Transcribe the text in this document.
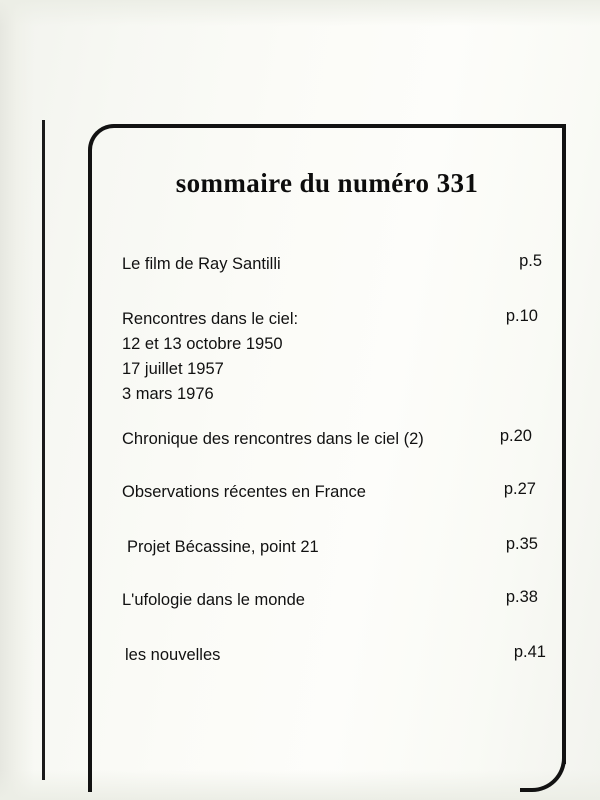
sommaire du numéro 331
Le film de Ray Santilli	p.5
Rencontres dans le ciel:
12 et 13 octobre 1950
17 juillet 1957
3 mars 1976
p.10
Chronique des rencontres dans le ciel (2)	p.20
Observations récentes en France	p.27
Projet Bécassine, point 21	p.35
L'ufologie dans le monde	p.38
les nouvelles	p.41
